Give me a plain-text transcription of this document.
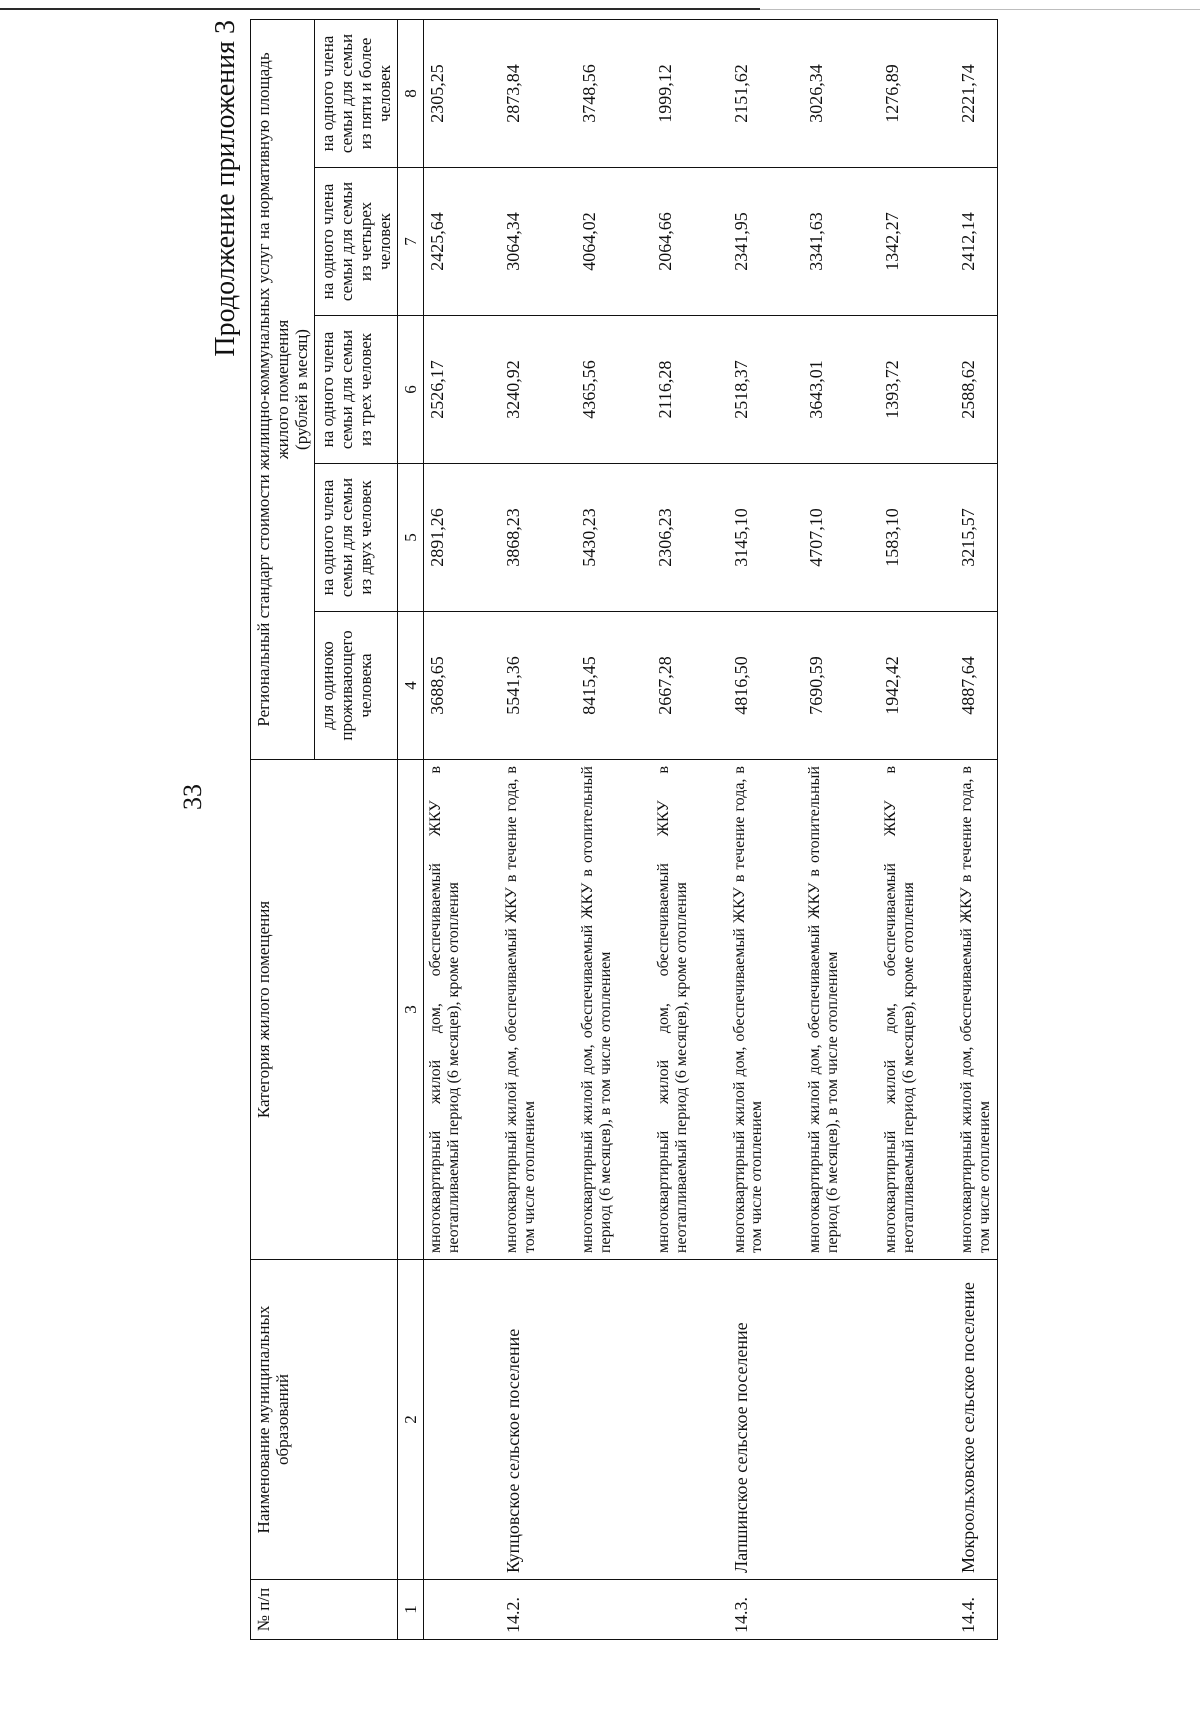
33
Продолжение приложения 3
№ п/п	Наименование муниципальных образований	Категория жилого помещения	Региональный стандарт стоимости жилищно-коммунальных услуг на нормативную площадь жилого помещения
(рублей в месяц)				
			для одиноко проживающего человека	на одного члена семьи для семьи из двух человек	на одного члена семьи для семьи из трех человек	на одного члена семьи для семьи из четырех человек	на одного члена семьи для семьи из пяти и более человек
1	2	3	4	5	6	7	8
		многоквартирный жилой дом, обеспечиваемый ЖКУ в неотапливаемый период (6 месяцев), кроме отопления	3688,65	2891,26	2526,17	2425,64	2305,25

14.2.	Купцовское сельское поселение	многоквартирный жилой дом, обеспечиваемый ЖКУ в течение года, в том числе отоплением	5541,36	3868,23	3240,92	3064,34	2873,84

		многоквартирный жилой дом, обеспечиваемый ЖКУ в отопительный период (6 месяцев), в том числе отоплением	8415,45	5430,23	4365,56	4064,02	3748,56

		многоквартирный жилой дом, обеспечиваемый ЖКУ в неотапливаемый период (6 месяцев), кроме отопления	2667,28	2306,23	2116,28	2064,66	1999,12

14.3.	Лапшинское сельское поселение	многоквартирный жилой дом, обеспечиваемый ЖКУ в течение года, в том числе отоплением	4816,50	3145,10	2518,37	2341,95	2151,62

		многоквартирный жилой дом, обеспечиваемый ЖКУ в отопительный период (6 месяцев), в том числе отоплением	7690,59	4707,10	3643,01	3341,63	3026,34

		многоквартирный жилой дом, обеспечиваемый ЖКУ в неотапливаемый период (6 месяцев), кроме отопления	1942,42	1583,10	1393,72	1342,27	1276,89

14.4.	Мокроольховское сельское поселение	многоквартирный жилой дом, обеспечиваемый ЖКУ в течение года, в том числе отоплением	4887,64	3215,57	2588,62	2412,14	2221,74
